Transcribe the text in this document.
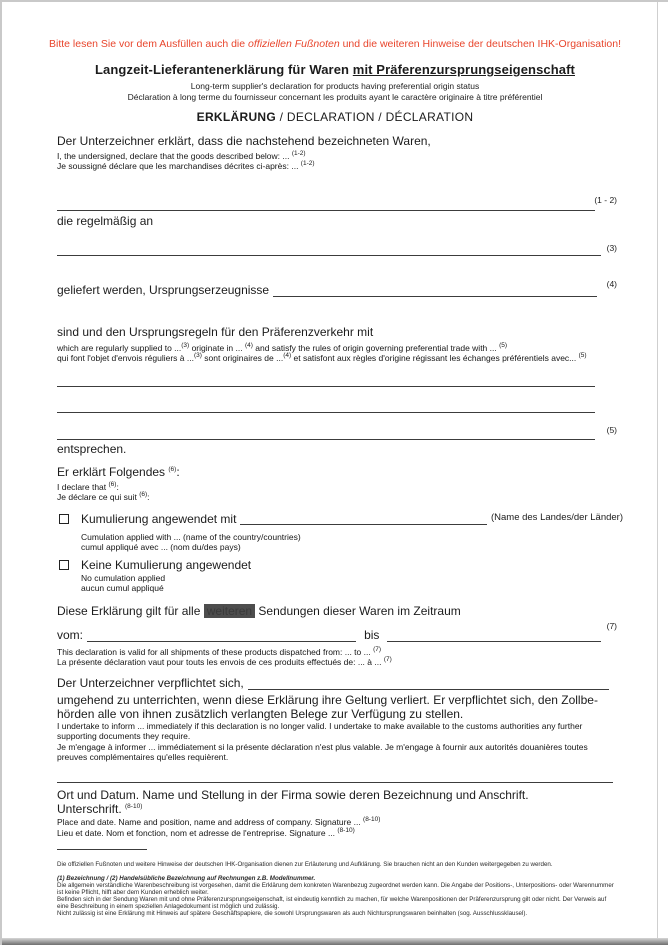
Bitte lesen Sie vor dem Ausfüllen auch die offiziellen Fußnoten und die weiteren Hinweise der deutschen IHK-Organisation!
Langzeit-Lieferantenerklärung für Waren mit Präferenzursprungseigenschaft
Long-term supplier's declaration for products having preferential origin status
Déclaration à long terme du fournisseur concernant les produits ayant le caractère originaire à titre préférentiel
ERKLÄRUNG / DECLARATION / DÉCLARATION
Der Unterzeichner erklärt, dass die nachstehend bezeichneten Waren,
I, the undersigned, declare that the goods described below: ... $^{(1-2)}$
Je soussigné déclare que les marchandises décrites ci-après: ... $^{(1-2)}$
(1 - 2)
die regelmäßig an
(3)
(4)
geliefert werden, Ursprungserzeugnisse
sind und den Ursprungsregeln für den Präferenzverkehr mit
which are regularly supplied to ...$^{(3)}$ originate in ... $^{(4)}$ and satisfy the rules of origin governing preferential trade with ... $^{(5)}$
qui font l'objet d'envois réguliers à ...$^{(3)}$ sont originaires de ...$^{(4)}$ et satisfont aux règles d'origine régissant les échanges préférentiels avec... $^{(5)}$
(5)
entsprechen.
Er erklärt Folgendes $^{(6)}$:
I declare that $^{(6)}$:
Je déclare ce qui suit $^{(6)}$:
Kumulierung angewendet mit	(Name des Landes/der Länder)
Cumulation applied with ... (name of the country/countries)
cumul appliqué avec ... (nom du/des pays)
Keine Kumulierung angewendet
No cumulation applied
aucun cumul appliqué
Diese Erklärung gilt für alle weiteren Sendungen dieser Waren im Zeitraum
(7)
vom:	bis
This declaration is valid for all shipments of these products dispatched from: ... to ... $^{(7)}$
La présente déclaration vaut pour touts les envois de ces produits effectués de: ... à ... $^{(7)}$
Der Unterzeichner verpflichtet sich,
umgehend zu unterrichten, wenn diese Erklärung ihre Geltung verliert. Er verpflichtet sich, den Zollbe-
hörden alle von ihnen zusätzlich verlangten Belege zur Verfügung zu stellen.
I undertake to inform ... immediately if this declaration is no longer valid. I undertake to make available to the customs authorities any further supporting documents they require.
Je m'engage à informer ... immédiatement si la présente déclaration n'est plus valable. Je m'engage à fournir aux autorités douanières toutes preuves complémentaires qu'elles requièrent.
Ort und Datum. Name und Stellung in der Firma sowie deren Bezeichnung und Anschrift.
Unterschrift. $^{(8-10)}$
Place and date. Name and position, name and address of company. Signature ... $^{(8-10)}$
Lieu et date. Nom et fonction, nom et adresse de l'entreprise. Signature ... $^{(8-10)}$
Die offiziellen Fußnoten und weitere Hinweise der deutschen IHK-Organisation dienen zur Erläuterung und Aufklärung. Sie brauchen nicht an den Kunden weitergegeben zu werden.
(1) Bezeichnung / (2) Handelsübliche Bezeichnung auf Rechnungen z.B. Modellnummer.
Die allgemein verständliche Warenbeschreibung ist vorgesehen, damit die Erklärung dem konkreten Warenbezug zugeordnet werden kann. Die Angabe der Positions-, Unterpositions- oder Warennummer ist keine Pflicht, hilft aber dem Kunden erheblich weiter.
Befinden sich in der Sendung Waren mit und ohne Präferenzursprungseigenschaft, ist eindeutig kenntlich zu machen, für welche Warenpositionen der Präferenzursprung gilt oder nicht. Der Verweis auf eine Beschreibung in einem speziellen Anlagedokument ist möglich und zulässig.
Nicht zulässig ist eine Erklärung mit Hinweis auf spätere Geschäftspapiere, die sowohl Ursprungswaren als auch Nichtursprungswaren beinhalten (sog. Ausschlussklausel).
